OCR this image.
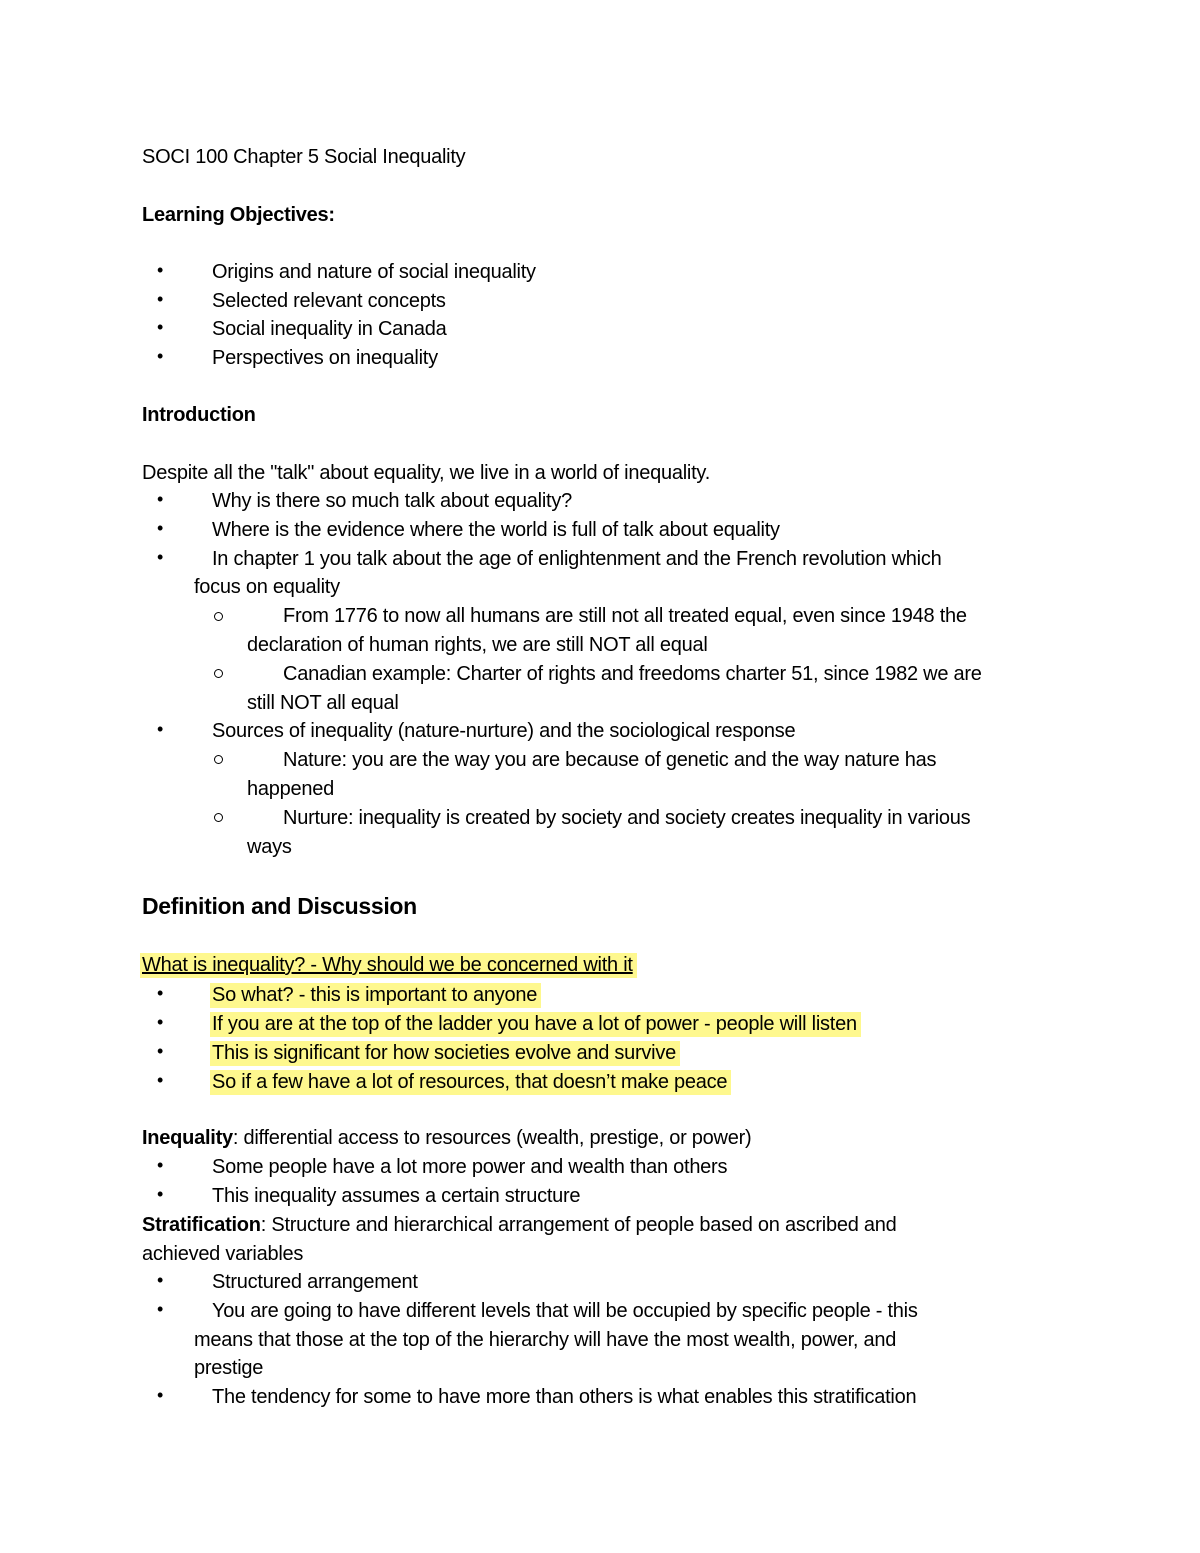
SOCI 100 Chapter 5 Social Inequality
Learning Objectives:
• Origins and nature of social inequality
• Selected relevant concepts
• Social inequality in Canada
• Perspectives on inequality
Introduction
Despite all the "talk" about equality, we live in a world of inequality.
• Why is there so much talk about equality?
• Where is the evidence where the world is full of talk about equality
• In chapter 1 you talk about the age of enlightenment and the French revolution which
focus on equality
From 1776 to now all humans are still not all treated equal, even since 1948 the
declaration of human rights, we are still NOT all equal
Canadian example: Charter of rights and freedoms charter 51, since 1982 we are
still NOT all equal
• Sources of inequality (nature-nurture) and the sociological response
Nature: you are the way you are because of genetic and the way nature has
happened
Nurture: inequality is created by society and society creates inequality in various
ways
Definition and Discussion
What is inequality? - Why should we be concerned with it
• So what? - this is important to anyone
• If you are at the top of the ladder you have a lot of power - people will listen
• This is significant for how societies evolve and survive
• So if a few have a lot of resources, that doesn’t make peace
Inequality: differential access to resources (wealth, prestige, or power)
• Some people have a lot more power and wealth than others
• This inequality assumes a certain structure
Stratification: Structure and hierarchical arrangement of people based on ascribed and
achieved variables
• Structured arrangement
• You are going to have different levels that will be occupied by specific people - this
means that those at the top of the hierarchy will have the most wealth, power, and
prestige
• The tendency for some to have more than others is what enables this stratification
